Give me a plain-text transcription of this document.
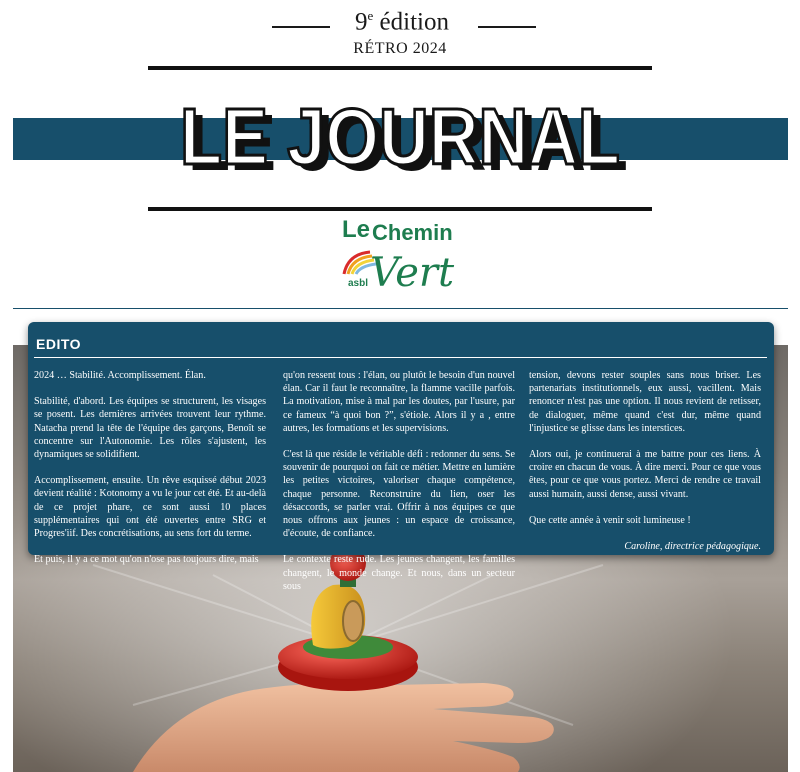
9e édition
RÉTRO 2024
LE JOURNAL
LE JOURNAL
Le Chemin
Vert
asbl
EDITO

2024 … Stabilité. Accomplissement. Élan.

Stabilité, d'abord. Les équipes se structurent, les visages se posent. Les dernières arrivées trouvent leur rythme. Natacha prend la tête de l'équipe des garçons, Benoît se concentre sur l'Autonomie. Les rôles s'ajustent, les dynamiques se solidifient.

Accomplissement, ensuite. Un rêve esquissé début 2023 devient réalité : Kotonomy a vu le jour cet été. Et au-delà de ce projet phare, ce sont aussi 10 places supplémentaires qui ont été ouvertes entre SRG et Progres'iif. Des concrétisations, au sens fort du terme.

Et puis, il y a ce mot qu'on n'ose pas toujours dire, mais

qu'on ressent tous : l'élan, ou plutôt le besoin d'un nouvel élan. Car il faut le reconnaître, la flamme vacille parfois. La motivation, mise à mal par les doutes, par l'usure, par ce fameux “à quoi bon ?”, s'étiole. Alors il y a , entre autres, les formations et les supervisions.

C'est là que réside le véritable défi : redonner du sens. Se souvenir de pourquoi on fait ce métier. Mettre en lumière les petites victoires, valoriser chaque compétence, chaque personne. Reconstruire du lien, oser les désaccords, se parler vrai. Offrir à nos équipes ce que nous offrons aux jeunes : un espace de croissance, d'écoute, de confiance.

Le contexte reste rude. Les jeunes changent, les familles changent, le monde change. Et nous, dans un secteur sous

tension, devons rester souples sans nous briser. Les partenariats institutionnels, eux aussi, vacillent. Mais renoncer n'est pas une option. Il nous revient de retisser, de dialoguer, même quand c'est dur, même quand l'injustice se glisse dans les interstices.

Alors oui, je continuerai à me battre pour ces liens. À croire en chacun de vous. À dire merci. Pour ce que vous êtes, pour ce que vous portez. Merci de rendre ce travail aussi humain, aussi dense, aussi vivant.

Que cette année à venir soit lumineuse !

Caroline, directrice pédagogique.
